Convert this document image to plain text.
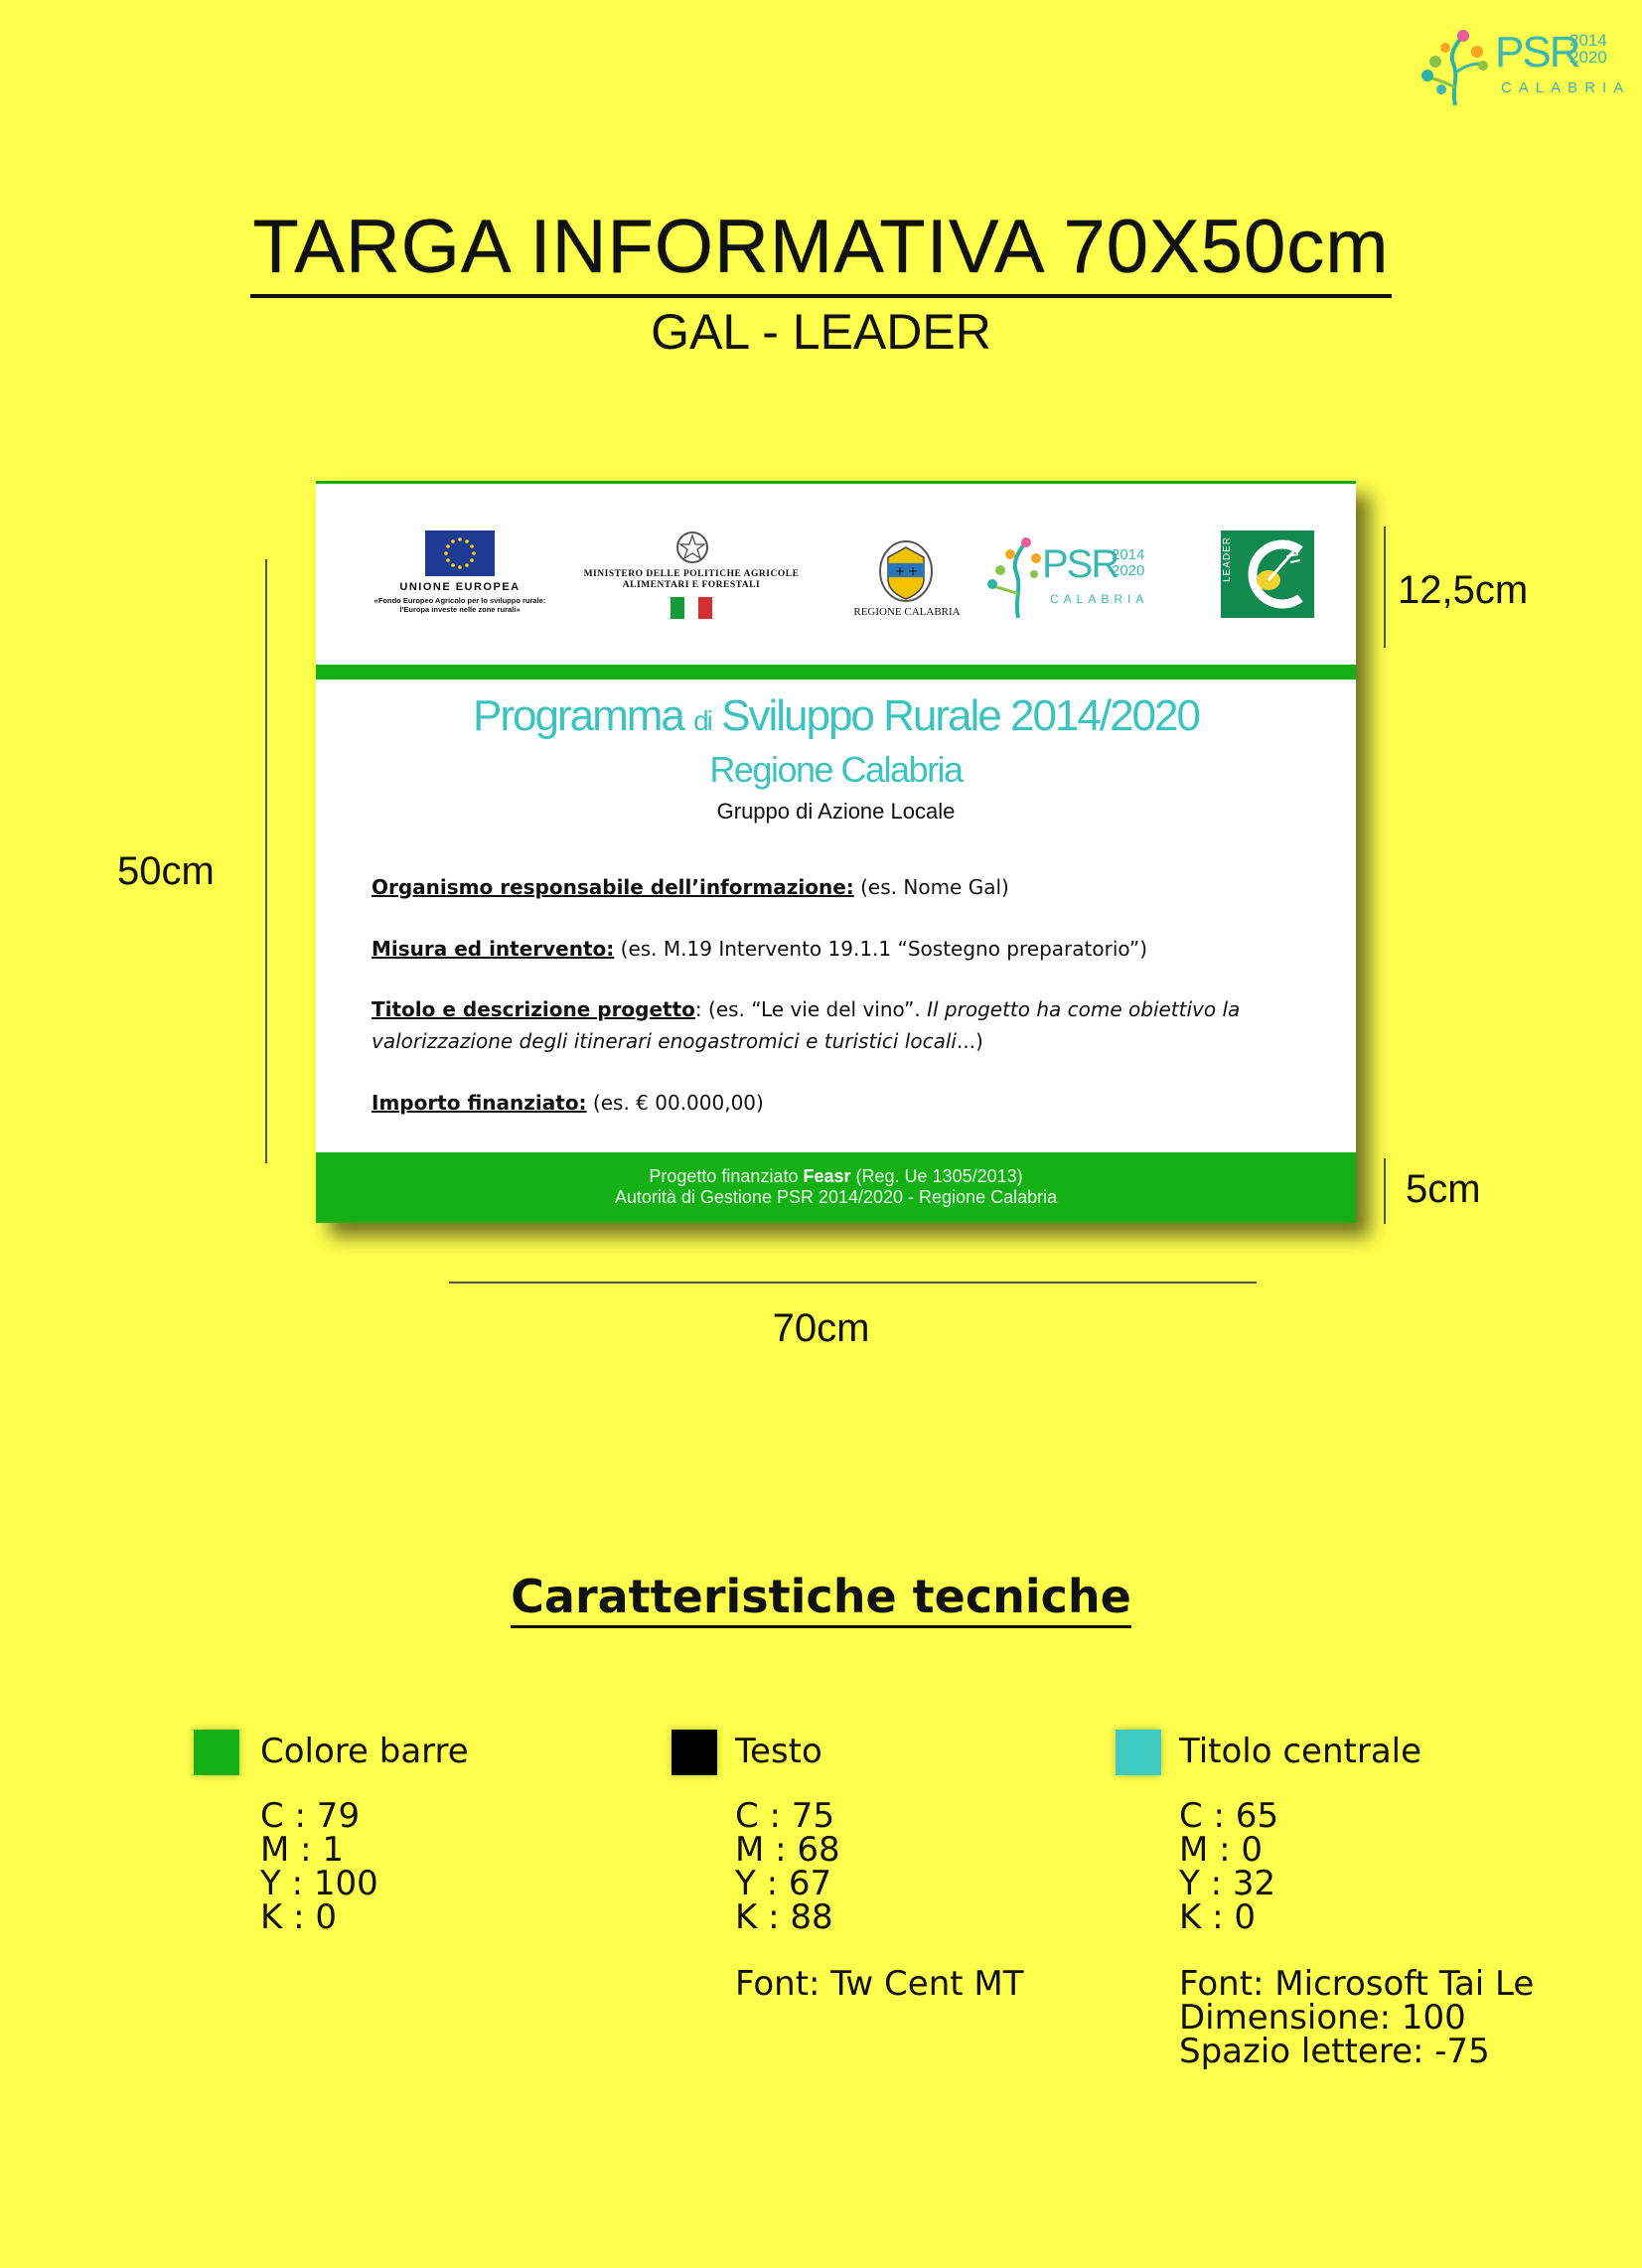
PSR
2014
2020
CALABRIA
TARGA INFORMATIVA 70X50cm
GAL - LEADER
UNIONE EUROPEA
«Fondo Europeo Agricolo per lo sviluppo rurale:
l'Europa investe nelle zone rurali»
MINISTERO DELLE POLITICHE AGRICOLE
ALIMENTARI E FORESTALI
+ +
REGIONE CALABRIA
PSR
2014
2020
CALABRIA
LEADER
Programma di Sviluppo Rurale 2014/2020
Regione Calabria
Gruppo di Azione Locale
Organismo responsabile dell’informazione: (es. Nome Gal)
Misura ed intervento: (es. M.19 Intervento 19.1.1 “Sostegno preparatorio”)
Titolo e descrizione progetto: (es. “Le vie del vino”. Il progetto ha come obiettivo la valorizzazione degli itinerari enogastromici e turistici locali...)
Importo finanziato: (es. € 00.000,00)
Progetto finanziato Feasr (Reg. Ue 1305/2013)
Autorità di Gestione PSR 2014/2020 - Regione Calabria
50cm
12,5cm
5cm
70cm
Caratteristiche tecniche
Colore barre
C : 79
M : 1
Y : 100
K : 0
Testo
C : 75
M : 68
Y : 67
K : 88
Font: Tw Cent MT
Titolo centrale
C : 65
M : 0
Y : 32
K : 0
Font: Microsoft Tai Le
Dimensione: 100
Spazio lettere: -75
